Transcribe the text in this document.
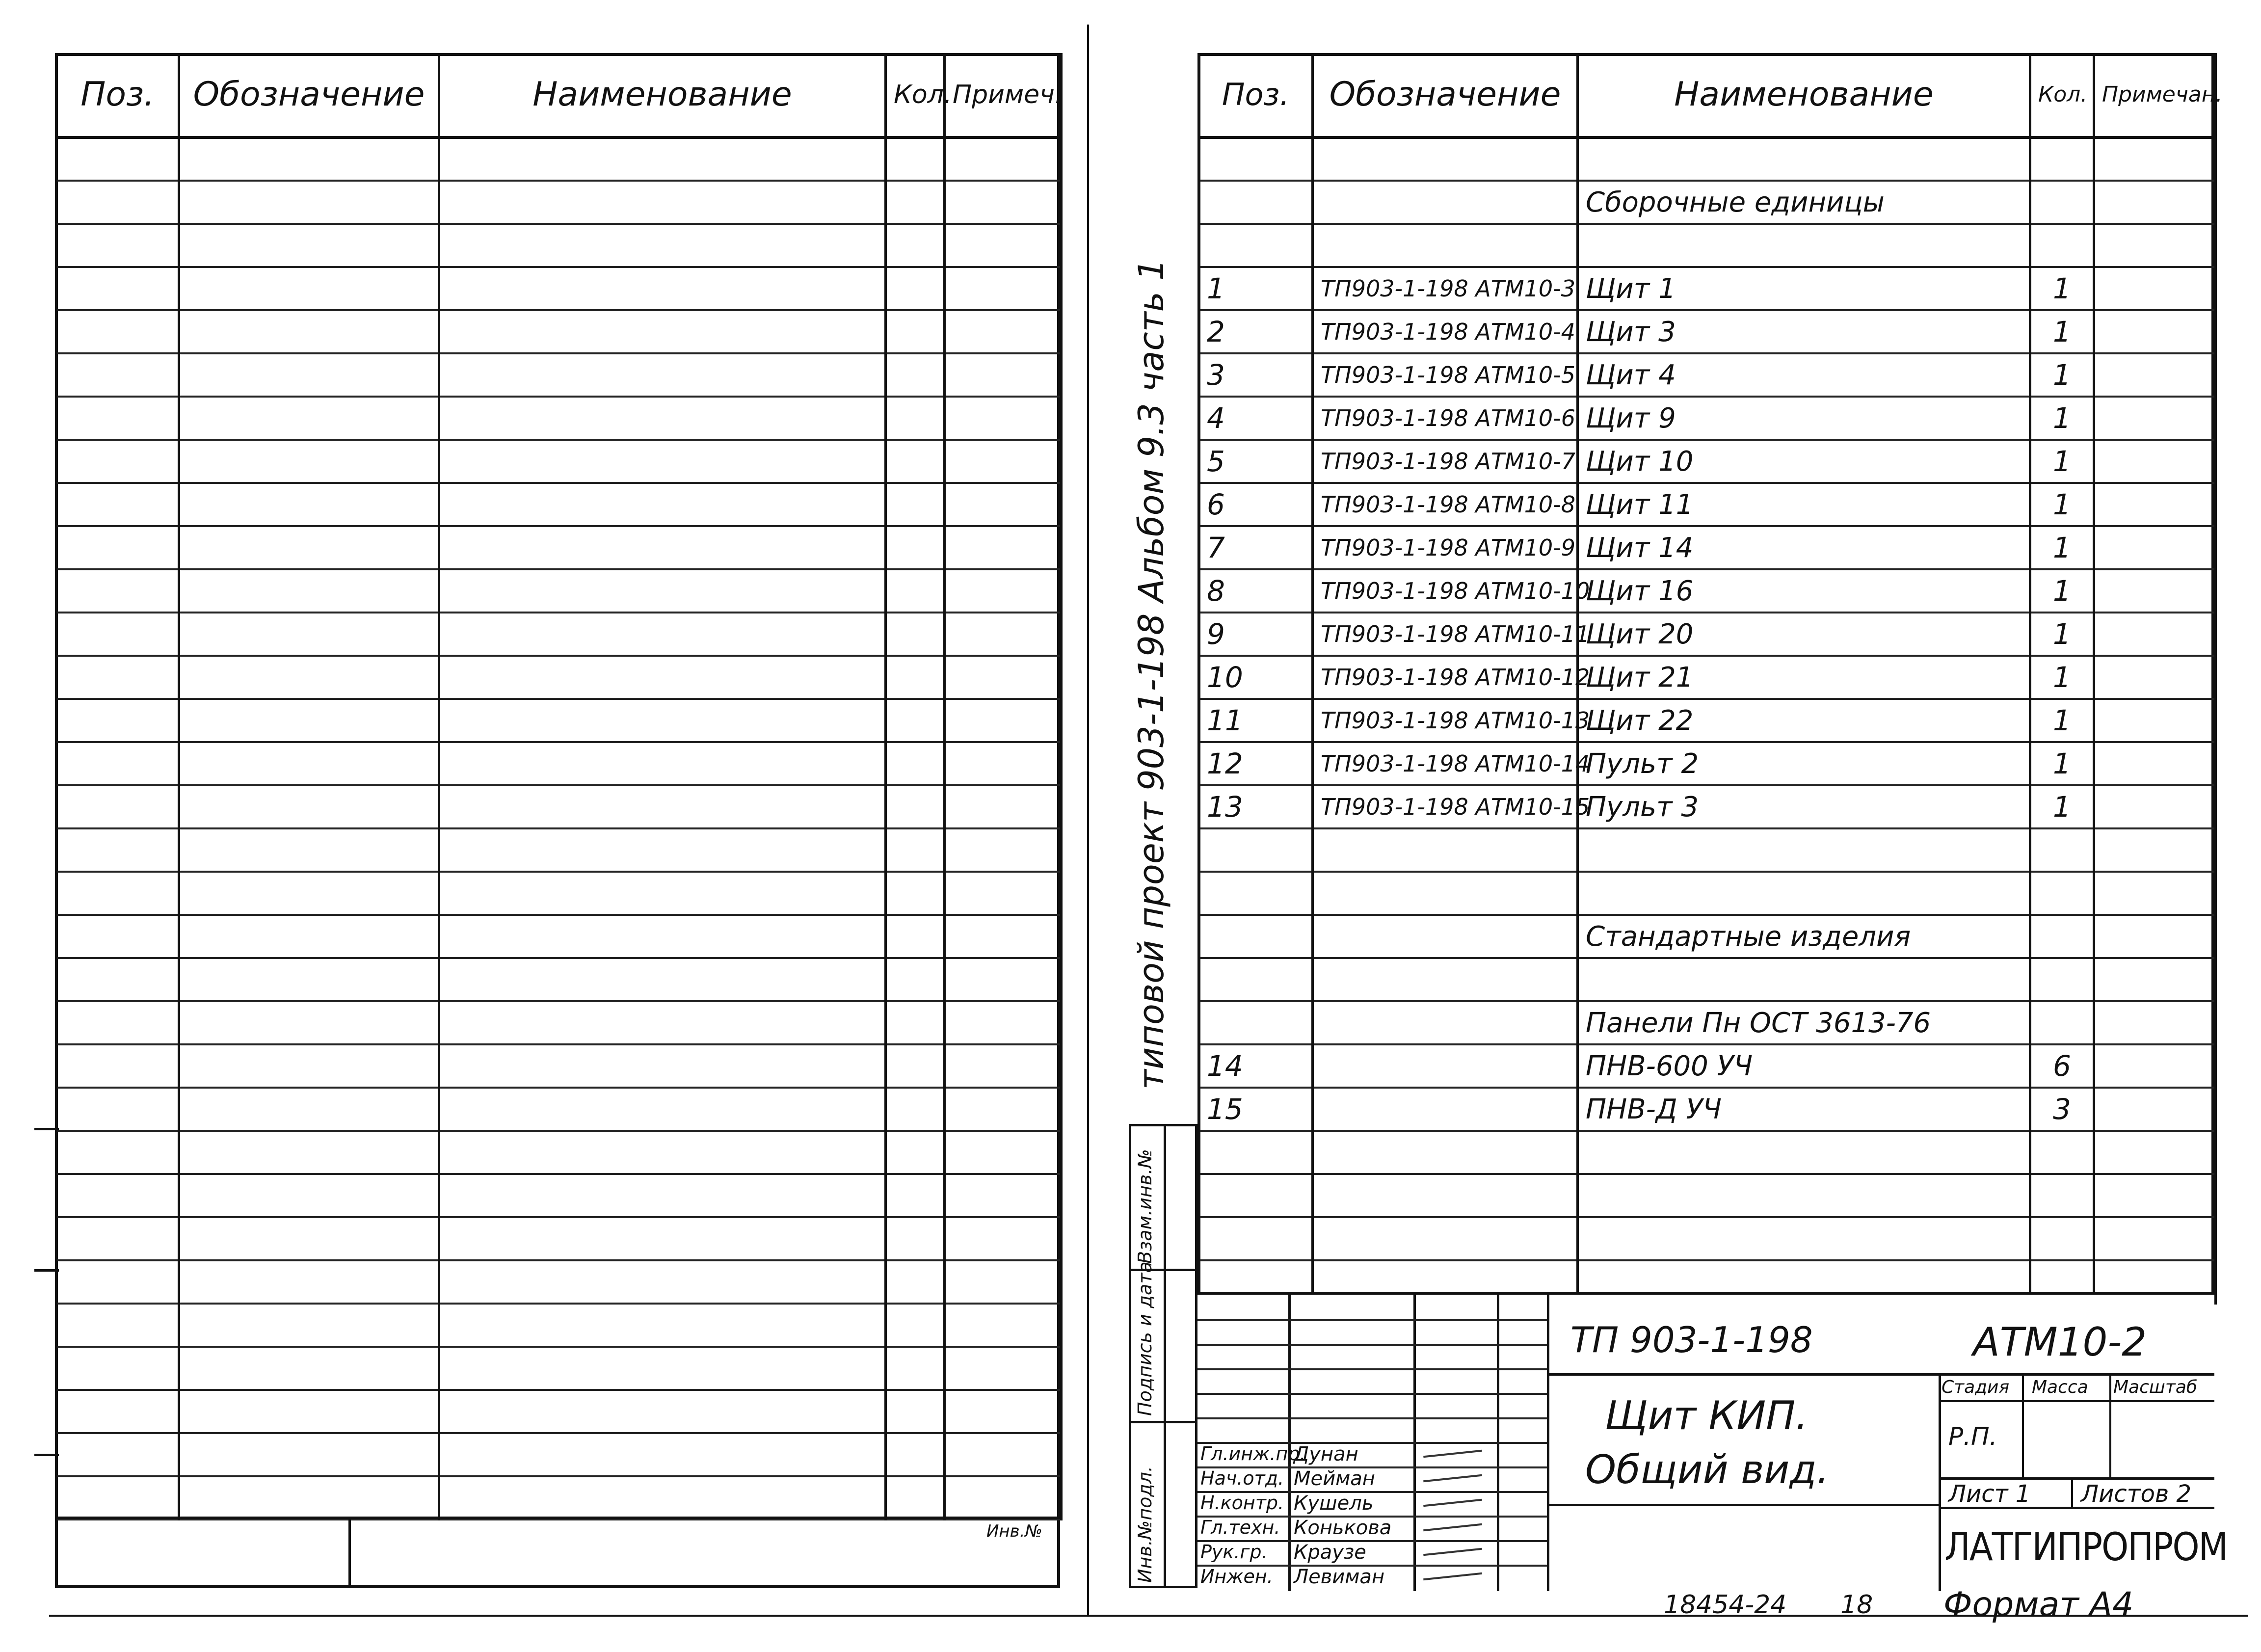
Поз.	Обозначение	Наименование	Кол.	Примеч.

Инв.№
Поз.	Обозначение	Наименование	Кол.	Примечан.

		Сборочные единицы		

1	ТП903-1-198 АТМ10-3	Щит 1	1	
2	ТП903-1-198 АТМ10-4	Щит 3	1	
3	ТП903-1-198 АТМ10-5	Щит 4	1	
4	ТП903-1-198 АТМ10-6	Щит 9	1	
5	ТП903-1-198 АТМ10-7	Щит 10	1	
6	ТП903-1-198 АТМ10-8	Щит 11	1	
7	ТП903-1-198 АТМ10-9	Щит 14	1	
8	ТП903-1-198 АТМ10-10	Щит 16	1	
9	ТП903-1-198 АТМ10-11	Щит 20	1	
10	ТП903-1-198 АТМ10-12	Щит 21	1	
11	ТП903-1-198 АТМ10-13	Щит 22	1	
12	ТП903-1-198 АТМ10-14	Пульт 2	1	
13	ТП903-1-198 АТМ10-15	Пульт 3	1	

		Стандартные изделия		

		Панели Пн ОСТ 3613-76		
14		ПНВ-600 УЧ	6	
15		ПНВ-Д УЧ	3	

типовой проект 903-1-198 Альбом 9.3 часть 1
Инв.№подл.
Подпись и дата
Взам.инв.№
Гл.инж.пр.
Дунан
Нач.отд. Мейман
Н.контр. Кушель
Гл.техн. Конькова
Рук.гр. Краузе
Инжен. Левиман
ТП 903-1-198	АТМ10-2
Щит КИП.
Общий вид.
Стадия Масса Масштаб
Р.П.
Лист 1 Листов 2
ЛАТГИПРОПРОМ
18454-24 18 Формат А4
